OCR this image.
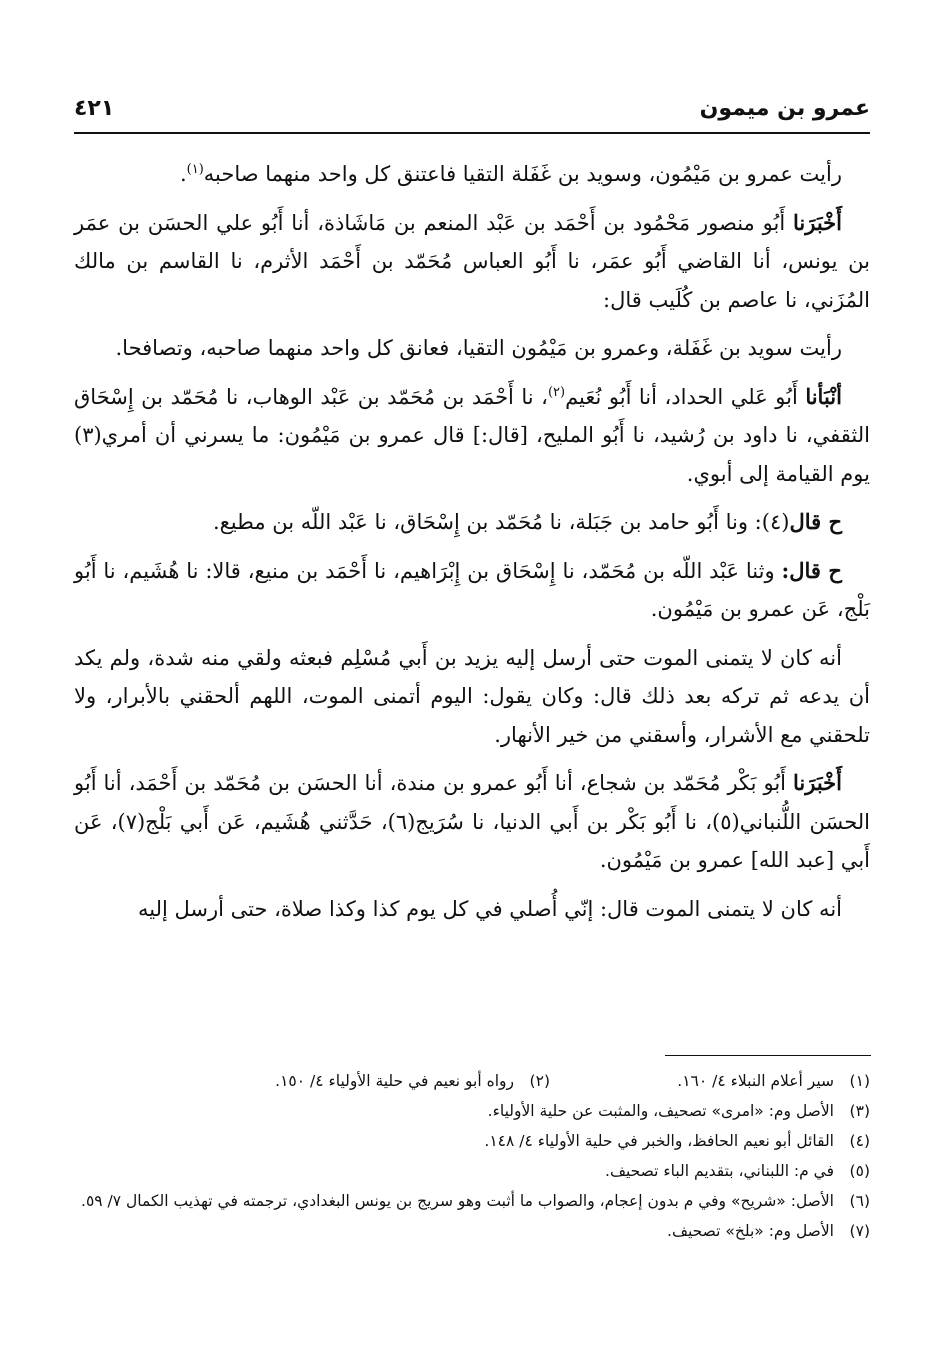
عمرو بن ميمون
٤٢١

رأيت عمرو بن مَيْمُون، وسويد بن غَفَلة التقيا فاعتنق كل واحد منهما صاحبه$^{(١)}$.

أَخْبَرَنا أَبُو منصور مَحْمُود بن أَحْمَد بن عَبْد المنعم بن مَاشَاذة، أنا أَبُو علي الحسَن بن عمَر بن يونس، أنا القاضي أَبُو عمَر، نا أَبُو العباس مُحَمّد بن أَحْمَد الأثرم، نا القاسم بن مالك المُزَني، نا عاصم بن كُلَيب قال:

رأيت سويد بن غَفَلة، وعمرو بن مَيْمُون التقيا، فعانق كل واحد منهما صاحبه، وتصافحا.

أنْبَأنا أَبُو عَلي الحداد، أنا أَبُو نُعَيم$^{(٢)}$، نا أَحْمَد بن مُحَمّد بن عَبْد الوهاب، نا مُحَمّد بن إِسْحَاق الثقفي، نا داود بن رُشيد، نا أَبُو المليح، [قال:] قال عمرو بن مَيْمُون: ما يسرني أن أمري(٣) يوم القيامة إلى أبوي.

ح قال(٤): ونا أَبُو حامد بن جَبَلة، نا مُحَمّد بن إِسْحَاق، نا عَبْد اللّه بن مطيع.

ح قال: وثنا عَبْد اللّه بن مُحَمّد، نا إِسْحَاق بن إِبْرَاهيم، نا أَحْمَد بن منيع، قالا: نا هُشَيم، نا أَبُو بَلْج، عَن عمرو بن مَيْمُون.

أنه كان لا يتمنى الموت حتى أرسل إليه يزيد بن أَبي مُسْلِم فبعثه ولقي منه شدة، ولم يكد أن يدعه ثم تركه بعد ذلك قال: وكان يقول: اليوم أتمنى الموت، اللهم ألحقني بالأبرار، ولا تلحقني مع الأشرار، وأسقني من خير الأنهار.

أَخْبَرَنا أَبُو بَكْر مُحَمّد بن شجاع، أنا أَبُو عمرو بن مندة، أنا الحسَن بن مُحَمّد بن أَحْمَد، أنا أَبُو الحسَن اللُّنباني(٥)، نا أَبُو بَكْر بن أَبي الدنيا، نا سُرَيج(٦)، حَدَّثني هُشَيم، عَن أَبي بَلْج(٧)، عَن أَبي [عبد الله] عمرو بن مَيْمُون.

أنه كان لا يتمنى الموت قال: إنّي أُصلي في كل يوم كذا وكذا صلاة، حتى أرسل إليه

(١)
سير أعلام النبلاء ٤/ ١٦٠.
(٢)
رواه أبو نعيم في حلية الأولياء ٤/ ١٥٠.
(٣)
الأصل وم: «امرى» تصحيف، والمثبت عن حلية الأولياء.
(٤)
القائل أبو نعيم الحافظ، والخبر في حلية الأولياء ٤/ ١٤٨.
(٥)
في م: اللبناني، بتقديم الباء تصحيف.
(٦)
الأصل: «شريح» وفي م بدون إعجام، والصواب ما أثبت وهو سريج بن يونس البغدادي، ترجمته في تهذيب الكمال ٧/ ٥٩.
(٧)
الأصل وم: «بلخ» تصحيف.
